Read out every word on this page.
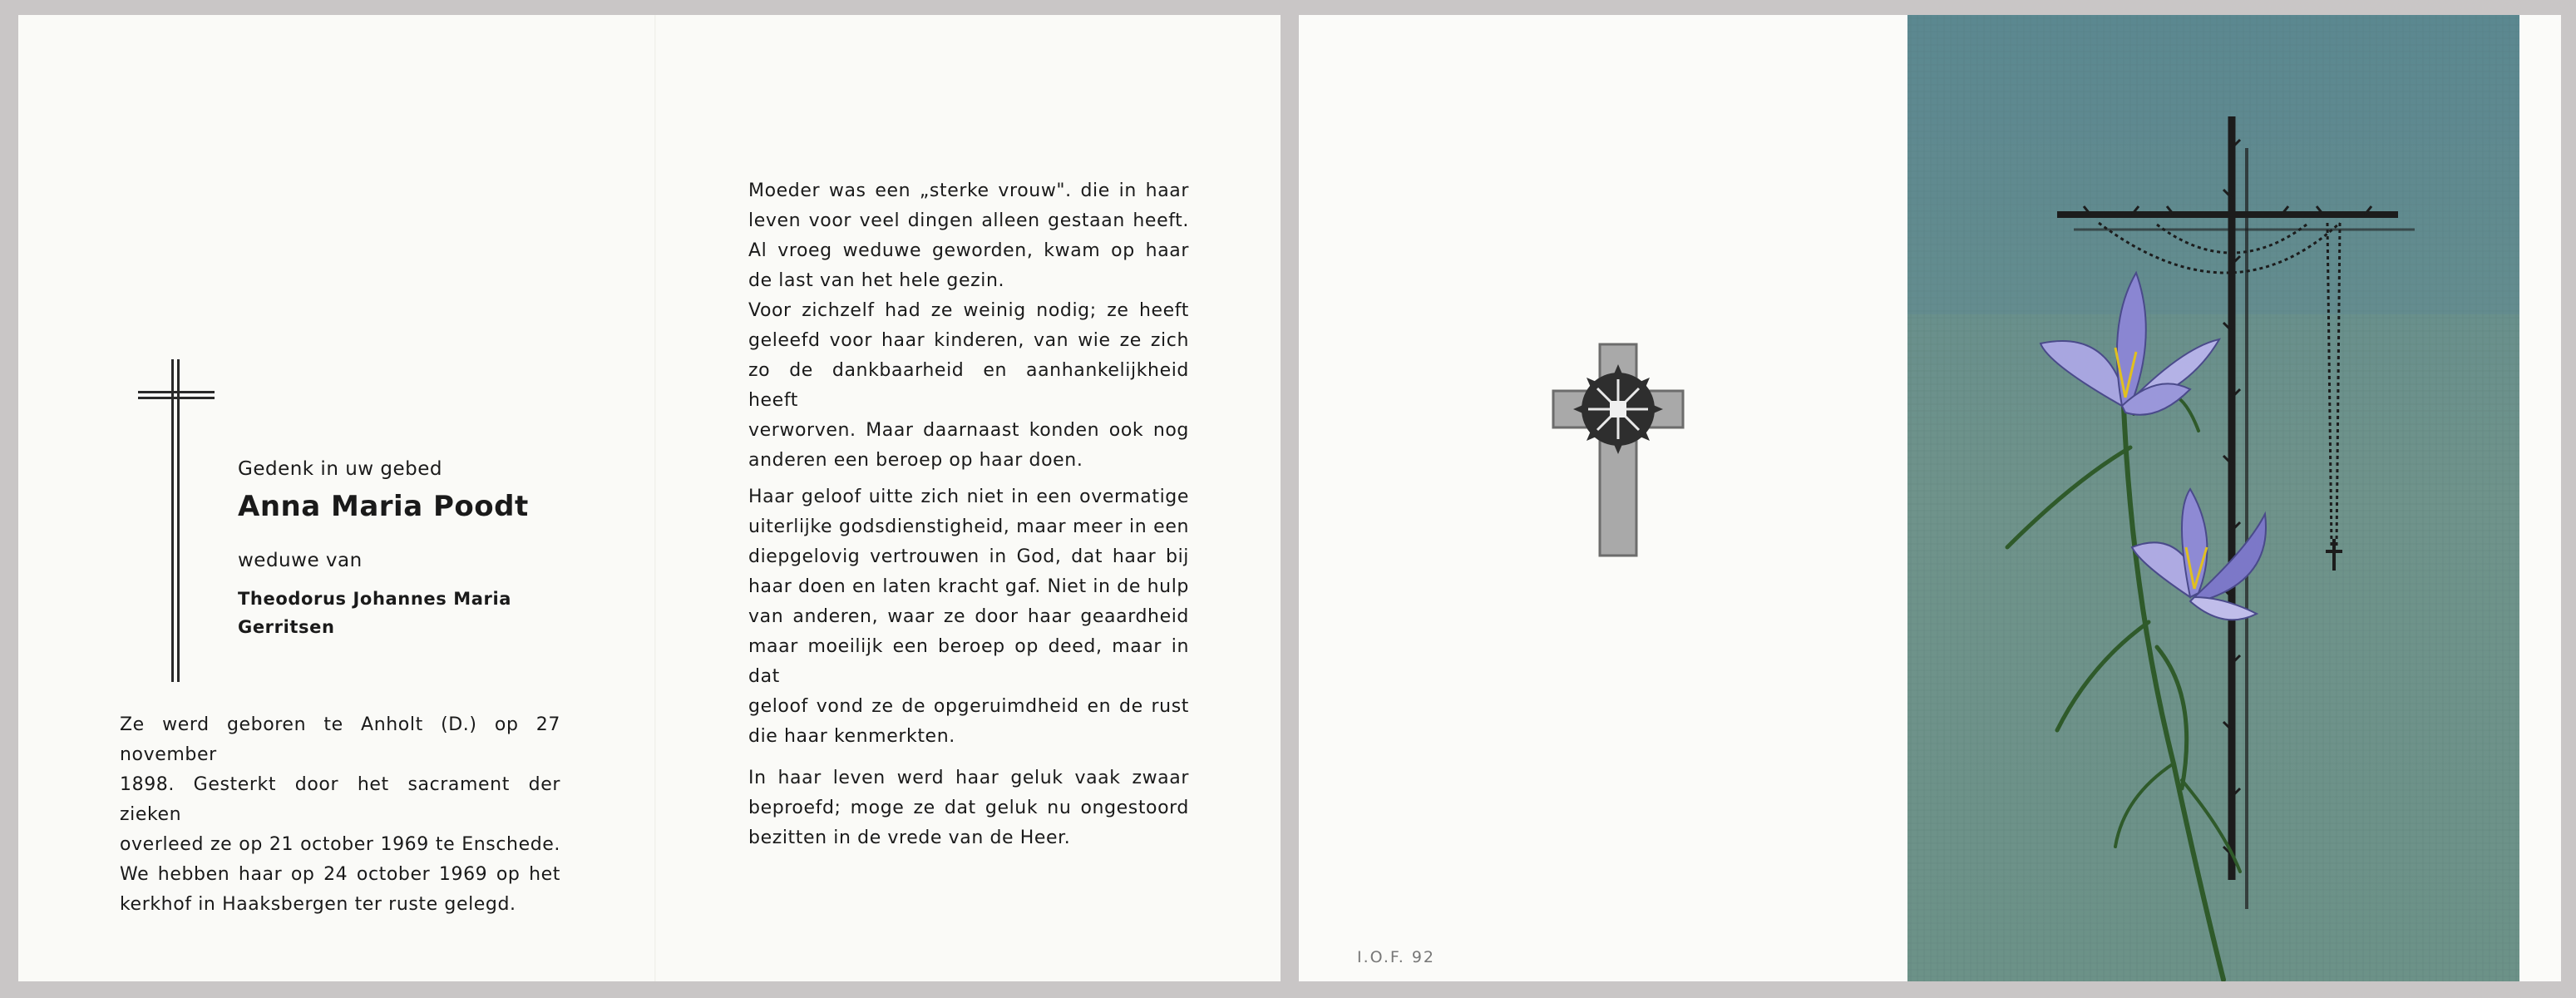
Gedenk in uw gebed
Anna Maria Poodt
weduwe van
Theodorus Johannes Maria
Gerritsen
Ze werd geboren te Anholt (D.) op 27 november
1898. Gesterkt door het sacrament der zieken
overleed ze op 21 october 1969 te Enschede.
We hebben haar op 24 october 1969 op het
kerkhof in Haaksbergen ter ruste gelegd.
Moeder was een „sterke vrouw". die in haar
leven voor veel dingen alleen gestaan heeft.
Al vroeg weduwe geworden, kwam op haar
de last van het hele gezin.
Voor zichzelf had ze weinig nodig; ze heeft
geleefd voor haar kinderen, van wie ze zich
zo de dankbaarheid en aanhankelijkheid heeft
verworven. Maar daarnaast konden ook nog
anderen een beroep op haar doen.
Haar geloof uitte zich niet in een overmatige
uiterlijke godsdienstigheid, maar meer in een
diepgelovig vertrouwen in God, dat haar bij
haar doen en laten kracht gaf. Niet in de hulp
van anderen, waar ze door haar geaardheid
maar moeilijk een beroep op deed, maar in dat
geloof vond ze de opgeruimdheid en de rust
die haar kenmerkten.
In haar leven werd haar geluk vaak zwaar
beproefd; moge ze dat geluk nu ongestoord
bezitten in de vrede van de Heer.
I.O.F. 92
